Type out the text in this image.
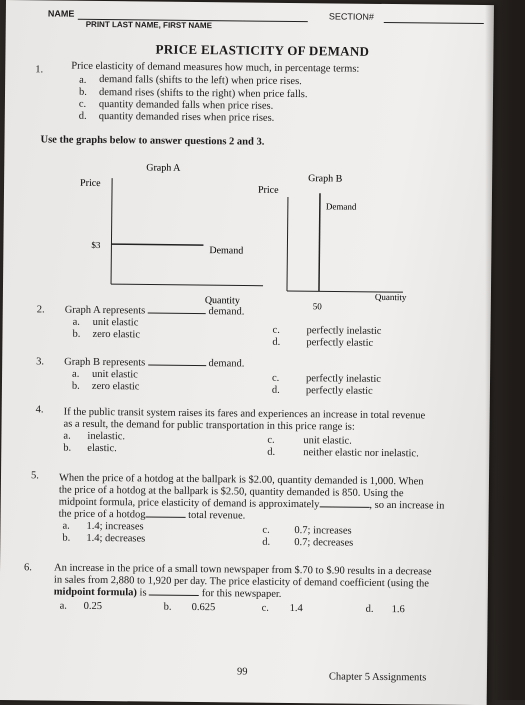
NAME
PRINT LAST NAME, FIRST NAME
SECTION#
PRICE ELASTICITY OF DEMAND
1.	Price elasticity of demand measures how much, in percentage terms:
a. demand falls (shifts to the left) when price rises.
b. demand rises (shifts to the right) when price falls.
c. quantity demanded falls when price rises.
d. quantity demanded rises when price rises.
Use the graphs below to answer questions 2 and 3.
Graph A
Price
$3
Demand
Quantity
Graph B
Price
Demand
50
Quantity
2. Graph A represents	demand.
a. unit elastic
b. zero elastic	c.	perfectly inelastic
d. perfectly elastic
3. Graph B represents	demand.
a. unit elastic
b. zero elastic
c.	perfectly inelastic
d. perfectly elastic
4. If the public transit system raises its fares and experiences an increase in total revenue
as a result, the demand for public transportation in this price range is:
a. inelastic.
b. elastic.
c.	unit elastic.
d.	neither elastic nor inelastic.
5. When the price of a hotdog at the ballpark is $2.00, quantity demanded is 1,000. When
the price of a hotdog at the ballpark is $2.50, quantity demanded is 850. Using the
midpoint formula, price elasticity of demand is approximately	, so an increase in
the price of a hotdog	total revenue.
a. 1.4; increases
b. 1.4; decreases
c. 0.7; increases
d. 0.7; decreases
6. An increase in the price of a small town newspaper from $.70 to $.90 results in a decrease
in sales from 2,880 to 1,920 per day. The price elasticity of demand coefficient (using the
midpoint formula) is	for this newspaper.
a. 0.25	b. 0.625	c. 1.4	d. 1.6
99	Chapter 5 Assignments
